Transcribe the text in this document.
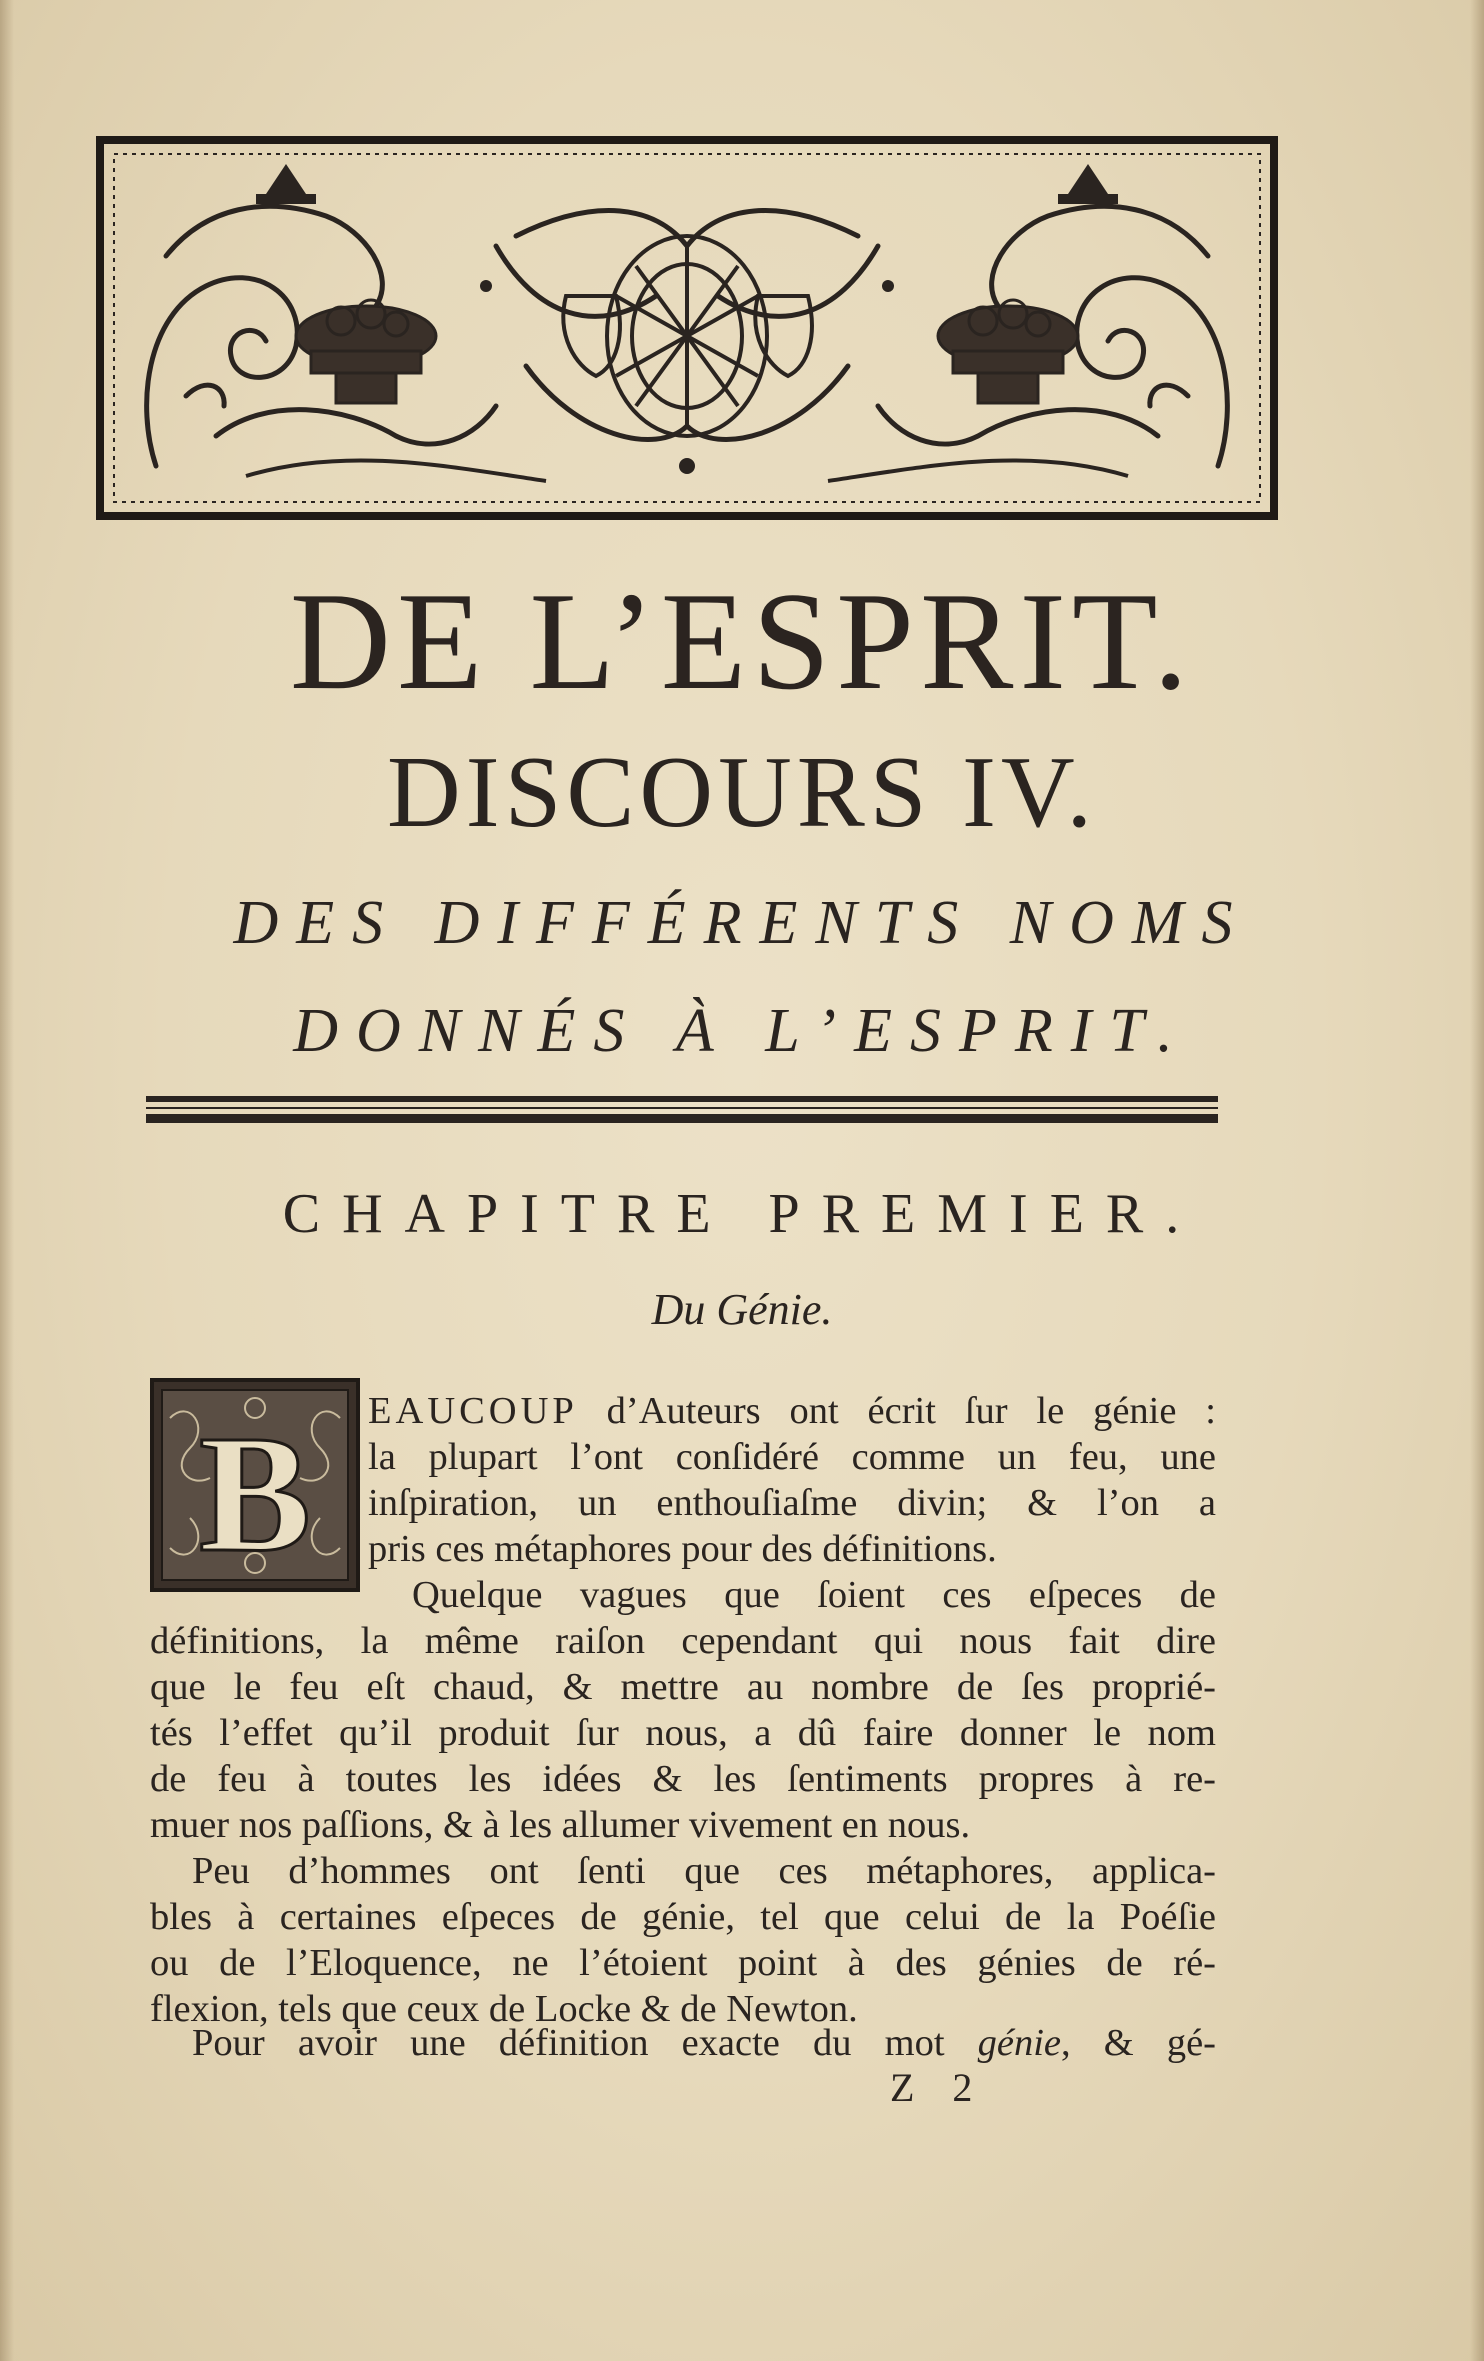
DE L’ESPRIT.
DISCOURS IV.
DES DIFFÉRENTS NOMS
DONNÉS À L’ESPRIT.
CHAPITRE PREMIER.
Du Génie.
B EAUCOUP d’Auteurs ont écrit ſur le génie :
la plupart l’ont conſidéré comme un feu, une
inſpiration, un enthouſiaſme divin; & l’on a
pris ces métaphores pour des définitions.
Quelque vagues que ſoient ces eſpeces de
définitions, la même raiſon cependant qui nous fait dire
que le feu eſt chaud, & mettre au nombre de ſes proprié-
tés l’effet qu’il produit ſur nous, a dû faire donner le nom
de feu à toutes les idées & les ſentiments propres à re-
muer nos paſſions, & à les allumer vivement en nous.
Peu d’hommes ont ſenti que ces métaphores, applica-
bles à certaines eſpeces de génie, tel que celui de la Poéſie
ou de l’Eloquence, ne l’étoient point à des génies de ré-
flexion, tels que ceux de Locke & de Newton.
Pour avoir une définition exacte du mot génie, & gé-
Z 2
